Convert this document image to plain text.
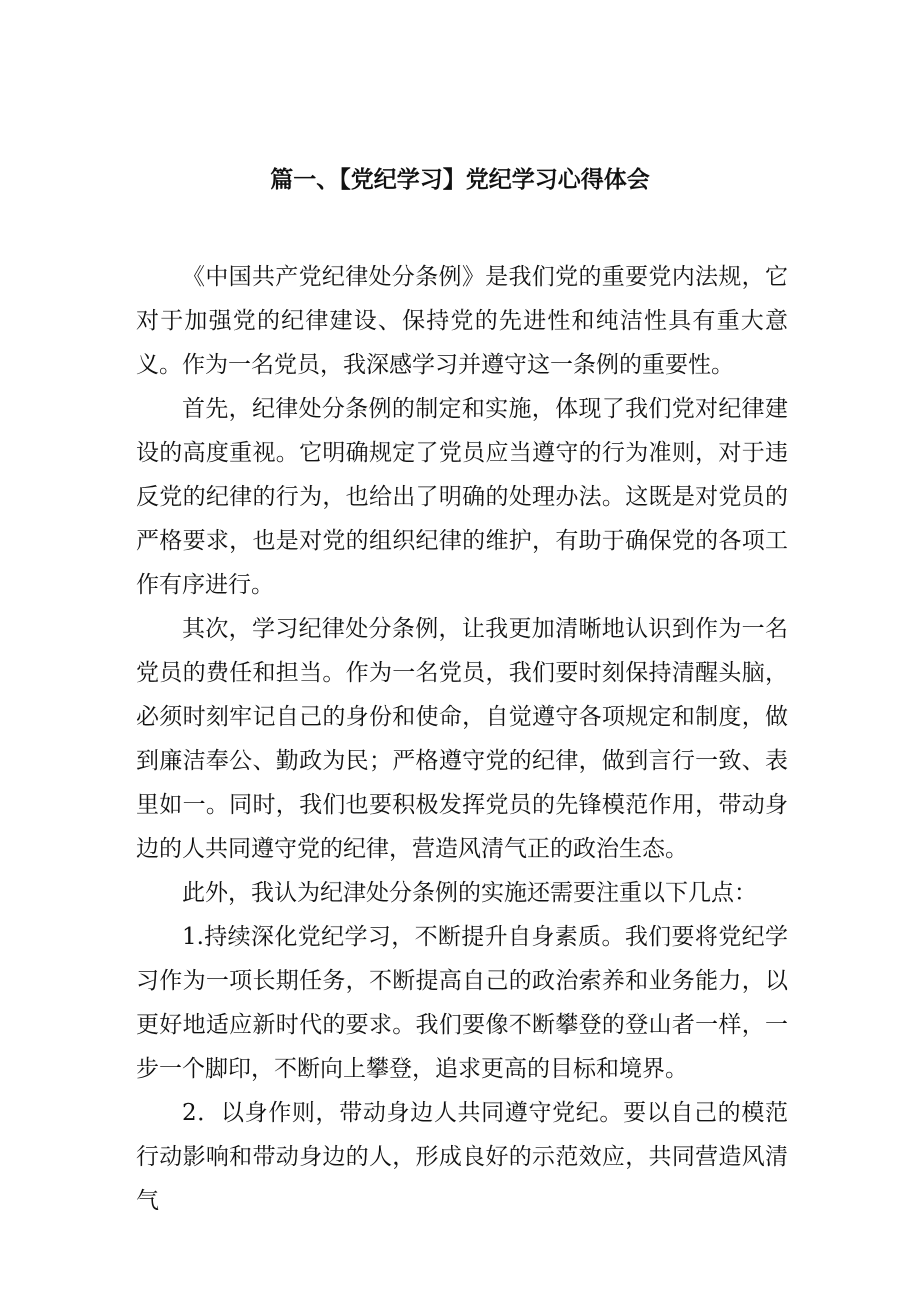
篇一、【党纪学习】党纪学习心得体会

《中国共产党纪律处分条例》是我们党的重要党内法规，它对于加强党的纪律建设、保持党的先进性和纯洁性具有重大意义。作为一名党员，我深感学习并遵守这一条例的重要性。

首先，纪律处分条例的制定和实施，体现了我们党对纪律建设的高度重视。它明确规定了党员应当遵守的行为准则，对于违反党的纪律的行为，也给出了明确的处理办法。这既是对党员的严格要求，也是对党的组织纪律的维护，有助于确保党的各项工作有序进行。

其次，学习纪律处分条例，让我更加清晰地认识到作为一名党员的费任和担当。作为一名党员，我们要时刻保持清醒头脑，必须时刻牢记自己的身份和使命，自觉遵守各项规定和制度，做到廉洁奉公、勤政为民；严格遵守党的纪律，做到言行一致、表里如一。同时，我们也要积极发挥党员的先锋模范作用，带动身边的人共同遵守党的纪律，营造风清气正的政治生态。

此外，我认为纪津处分条例的实施还需要注重以下几点：

1.持续深化党纪学习，不断提升自身素质。我们要将党纪学习作为一项长期任务，不断提高自己的政治索养和业务能力，以更好地适应新时代的要求。我们要像不断攀登的登山者一样，一步一个脚印，不断向上攀登，追求更高的目标和境界。

2．以身作则，带动身边人共同遵守党纪。要以自己的模范行动影响和带动身边的人，形成良好的示范效应，共同营造风清气
